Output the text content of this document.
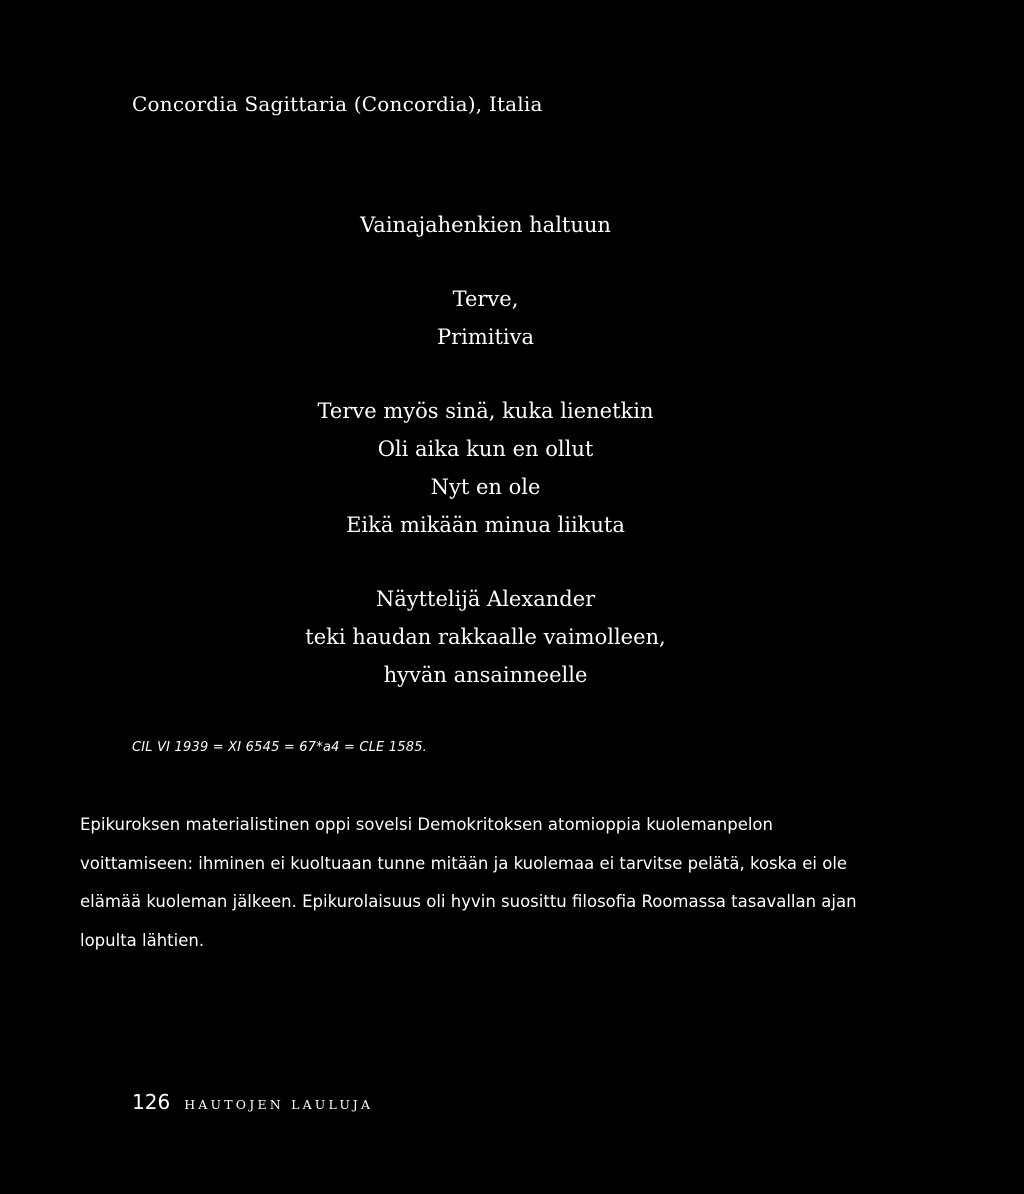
Concordia Sagittaria (Concordia), Italia

Vainajahenkien haltuun

Terve,
Primitiva

Terve myös sinä, kuka lienetkin
Oli aika kun en ollut
Nyt en ole
Eikä mikään minua liikuta

Näyttelijä Alexander
teki haudan rakkaalle vaimolleen,
hyvän ansainneelle

CIL VI 1939 = XI 6545 = 67*a4 = CLE 1585.
Epikuroksen materialistinen oppi sovelsi Demokritoksen atomioppia kuolemanpelon
voittamiseen: ihminen ei kuoltuaan tunne mitään ja kuolemaa ei tarvitse pelätä, koska ei ole
elämää kuoleman jälkeen. Epikurolaisuus oli hyvin suosittu filosofia Roomassa tasavallan ajan
lopulta lähtien.
126 HAUTOJEN LAULUJA
